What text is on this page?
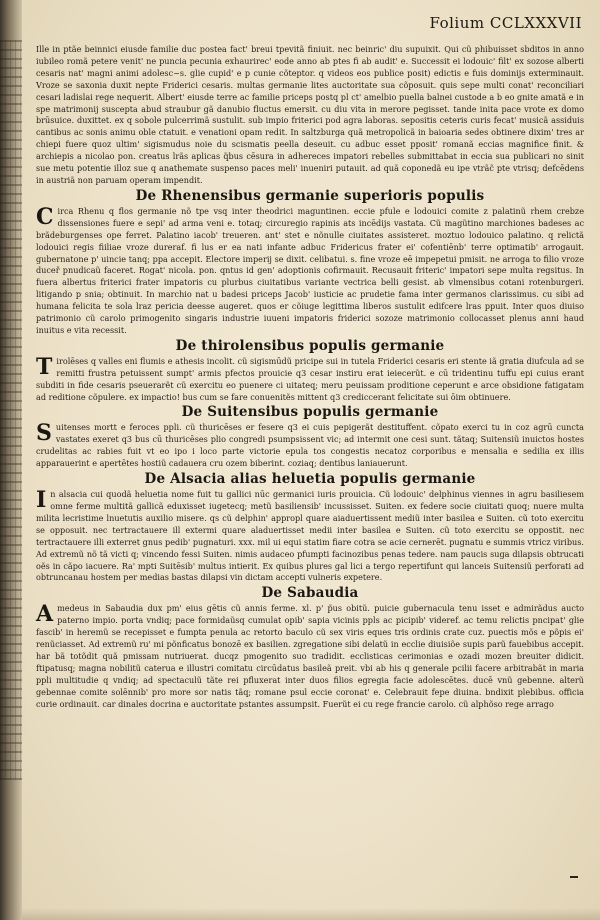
Folium CCLXXXVII

Ille in ptãe beinnici eiusde familie duc postea fact' breui tpevitã finiuit. nec beinric' diu supuixit. Qui cũ phibuisset sbditos in anno iubileo romã petere venit' ne puncia pecunia exhaurirec' eode anno ab ptes fi ab audit' e. Successit ei lodouic' filt' ex sozose alberti cesaris nat' magni animi adolesc~s. glie cupid' e p cunie cõteptor. q videos eos publice posit) edictis e fuis dominijs exterminauit. Vroze se saxonia duxit nepte Friderici cesaris. multas germanie lites auctoritate sua cõposuit. quis sepe multi conat' reconciliari cesari ladislai rege nequerit. Albert' eiusde terre ac familie priceps postq pl ct' amelbio puella balnei custode a b eo gnite amatã e in spe matrimonij suscepta abud straubur gã danubio fluctus emersit. cu diu vita in merore pegisset. tande inita pace vrote ex domo brūsuice. duxittet. ex q sobole pulcerrimã sustulit. sub impio friterici pod agra laboras. sepositis ceteris curis fecat' musicã assiduis cantibus ac sonis animu oble ctatuit. e venationi opam redit. In saltzburga quã metropolicã in baioaria sedes obtinere dixim' tres ar chiepi fuere quoz ultim' sigismudus noie du scismatis peella deseuit. cu adbuc esset pposit' romanã eccias magnifice finit. & archiepis a nicolao pon. creatus lrãs aplicas q̃bus cēsura in adhereces impatori rebelles submittabat in eccia sua publicari no sinit sue metu potentie illoz sue q anathemate suspenso paces meli' inueniri putauit. ad quã coponedã eu ipe vtrãc̃ pte vtrisq; defcēdens in austriã non paruam operam impendit.

De Rhenensibus germanie superioris populis

Circa Rhenu q flos germanie nõ tpe vsq inter theodrici maguntinen. eccie pfule e lodouici comite z palatinũ rhem crebze dissensiones fuere e sepi' ad arma veni e. totaq; circuregio rapinis ats incēdijs vastata. Cũ magũtino marchiones badeses ac brãdeburgenses ope ferret. Palatino iacob' treueren. ant' stet e nõnulle ciuitates assisteret. moztuo lodouico palatino. q relictã lodouici regis fiiliae vroze dureraf. fi lus er ea nati infante adbuc Fridericus frater ei' cofentiēnb' terre optimatib' arrogauit. gubernatone p' uincie tanq; ppa accepit. Electore imperij se dixit. celibatui. s. fine vroze eē impepetui pmisit. ne arroga to filio vroze duceř pnudicaũ faceret. Rogat' nicola. pon. qntus id gen' adoptionis cofirmauit. Recusauit friteric' impatori sepe multa regsitus. In fuera albertus friterici frater impatoris cu plurbus ciuitatibus variante vectrica belli gesist. ab vlmensibus cotani rotenburgeri. litigando p snia; obtinuit. In marchio nat u badesi priceps Jacob' iusticie ac prudetie fama inter germanos clarissimus. cu sibi ad humana felicita te sola lraz pericia deesse augeret. quos er cõiuge legittima liberos sustulit edifcere lras ppuit. Inter quos diuiso patrimonio cũ carolo primogenito singaris industrie iuueni impatoris friderici sozoze matrimonio collocasset plenus anni haud inuitus e vita recessit.

De thirolensibus populis germanie

Tirolēses q valles eni flumis e athesis incolit. cũ sigismūdũ pricipe sui in tutela Friderici cesaris eri stente iã gratia diufcula ad se remitti frustra petuissent sumpt' armis pfectos prouicie q3 cesar instiru erat ieiecerũt. e cū tridentinu tuffu epi cuius erant subditi in fide cesaris pseuerarẽt cũ exercitu eo puenere ci uitateq; meru peuissam proditione ceperunt e arce obsidione fatigatam ad reditione cõpulere. ex impactio! bus cum se fare conuenitẽs mittent q3 crediccerant felicitate sui ōim obtinuere.

De Suitensibus populis germanie

Suitenses mortt e feroces ppli. cũ thuricēses er fesere q3 ei cuis pepigerãt destituffent. cõpato exerci tu in coz agrū cuncta vastates exeret q3 bus cū thuricēses plio congredi psumpsissent vic; ad intermit one cesi sunt. tãtaq; Suitensiũ inuictos hostes crudelitas ac rabies fuit vt eo ipo i loco parte victorie epula tos congestis necatoz corporibus e mensalia e sedilia ex illis apparauerint e apertētes hostiũ cadauera cru ozem biberint. coziaq; dentibus laniauerunt.

De Alsacia alias heluetia populis germanie

In alsacia cui quodã heluetia nome fuit tu gallici nūc germanici iuris prouicia. Cũ lodouic' delphinus viennes in agru basiliesem omne ferme multitã gallicã eduxisset iugetecq; metũ basiliensib' incussisset. Suiten. ex federe socie ciuitati quoq; nuere multa milita lecristime lnuetutis auxilio misere. qs cũ delphin' appropl quare aiaduertissent mediũ inter basilea e Suiten. cũ toto exercitu se opposuit. nec tertractauere ill extermi quare aladuertisset medii inter basilea e Suiten. cũ toto exercitu se oppostit. nec tertractauere illi exterret gnus pedib' pugnaturi. xxx. mil ui equi statim fiare cotra se acie cernerēt. pugnatu e summis vtricz viribus. Ad extremũ nõ tã victi q; vincendo fessi Suiten. nimis audaceo pfumpti facinozibus penas tedere. nam paucis suga dilapsis obtrucati oẽs in cãpo iacuere. Ra' mpti Suitēsib' multus intierit. Ex quibus plures gal lici a tergo repertifunt qui lanceis Suitensiũ perforati ad obtruncanau hostem per medias bastas dilapsi vin dictam accepti vulneris expetere.

De Sabaudia

Amedeus in Sabaudia dux pm' eius gētis cũ annis ferme. xl. p' p̃us obitũ. puicie gubernacula tenu isset e admirãdus aucto paterno impio. porta vndiq; pace formidaũsq cumulat opib' sapia vicinis ppls ac picipib' videref. ac temu relictis pncipat' glie fascib' in heremũ se recepisset e fumpta penula ac retorto baculo cũ sex viris eques tris ordinis crate cuz. puectis mõs e põpis ei' renũciasset. Ad extremũ ru' mi põnficatus bonozē ex basilien. zgregatione sibi delatũ in ecclie diuisiõe supis parũ fauebibus accepit. har bã totõdit quã pmissam nutriuerat. ducqz pmogenito suo tradidit. ecclisticas cerimonias e ozadi mozen breuiter didicit. ftipatusq; magna nobilitũ caterua e illustri comitatu circūdatus basileã preit. vbi ab his q generale pcilii facere arbitrabãt in maria ppli multitudie q vndiq; ad spectaculũ tãte rei pfluxerat inter duos filios egregia facie adolescētes. ducē vnũ gebenne. alterũ gebennae comite solēnnib' pro more sor natis tãq; romane psul eccie coronat' e. Celebrauit fepe diuina. bndixit plebibus. officia curie ordinauit. car dinales docrina e auctoritate pstantes assumpsit. Fuerũt ei cu rege francie carolo. cũ alphõso rege arrago
